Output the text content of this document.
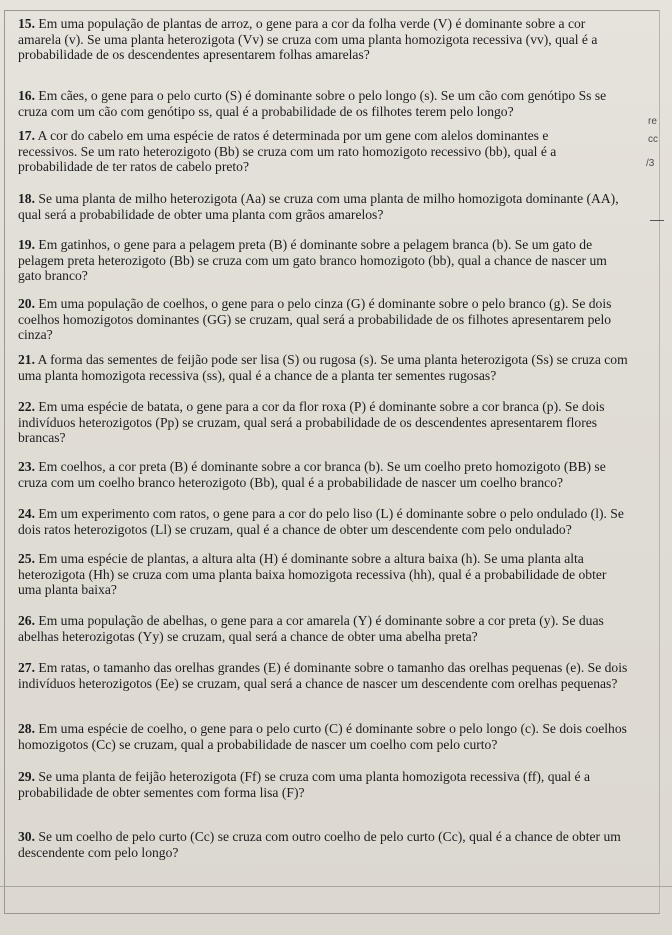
15. Em uma população de plantas de arroz, o gene para a cor da folha verde (V) é dominante sobre a cor amarela (v). Se uma planta heterozigota (Vv) se cruza com uma planta homozigota recessiva (vv), qual é a probabilidade de os descendentes apresentarem folhas amarelas?
16. Em cães, o gene para o pelo curto (S) é dominante sobre o pelo longo (s). Se um cão com genótipo Ss se cruza com um cão com genótipo ss, qual é a probabilidade de os filhotes terem pelo longo?
17. A cor do cabelo em uma espécie de ratos é determinada por um gene com alelos dominantes e recessivos. Se um rato heterozigoto (Bb) se cruza com um rato homozigoto recessivo (bb), qual é a probabilidade de ter ratos de cabelo preto?
18. Se uma planta de milho heterozigota (Aa) se cruza com uma planta de milho homozigota dominante (AA), qual será a probabilidade de obter uma planta com grãos amarelos?
19. Em gatinhos, o gene para a pelagem preta (B) é dominante sobre a pelagem branca (b). Se um gato de pelagem preta heterozigoto (Bb) se cruza com um gato branco homozigoto (bb), qual a chance de nascer um gato branco?
20. Em uma população de coelhos, o gene para o pelo cinza (G) é dominante sobre o pelo branco (g). Se dois coelhos homozigotos dominantes (GG) se cruzam, qual será a probabilidade de os filhotes apresentarem pelo cinza?
21. A forma das sementes de feijão pode ser lisa (S) ou rugosa (s). Se uma planta heterozigota (Ss) se cruza com uma planta homozigota recessiva (ss), qual é a chance de a planta ter sementes rugosas?
22. Em uma espécie de batata, o gene para a cor da flor roxa (P) é dominante sobre a cor branca (p). Se dois indivíduos heterozigotos (Pp) se cruzam, qual será a probabilidade de os descendentes apresentarem flores brancas?
23. Em coelhos, a cor preta (B) é dominante sobre a cor branca (b). Se um coelho preto homozigoto (BB) se cruza com um coelho branco heterozigoto (Bb), qual é a probabilidade de nascer um coelho branco?
24. Em um experimento com ratos, o gene para a cor do pelo liso (L) é dominante sobre o pelo ondulado (l). Se dois ratos heterozigotos (Ll) se cruzam, qual é a chance de obter um descendente com pelo ondulado?
25. Em uma espécie de plantas, a altura alta (H) é dominante sobre a altura baixa (h). Se uma planta alta heterozigota (Hh) se cruza com uma planta baixa homozigota recessiva (hh), qual é a probabilidade de obter uma planta baixa?
26. Em uma população de abelhas, o gene para a cor amarela (Y) é dominante sobre a cor preta (y). Se duas abelhas heterozigotas (Yy) se cruzam, qual será a chance de obter uma abelha preta?
27. Em ratas, o tamanho das orelhas grandes (E) é dominante sobre o tamanho das orelhas pequenas (e). Se dois indivíduos heterozigotos (Ee) se cruzam, qual será a chance de nascer um descendente com orelhas pequenas?
28. Em uma espécie de coelho, o gene para o pelo curto (C) é dominante sobre o pelo longo (c). Se dois coelhos homozigotos (Cc) se cruzam, qual a probabilidade de nascer um coelho com pelo curto?
29. Se uma planta de feijão heterozigota (Ff) se cruza com uma planta homozigota recessiva (ff), qual é a probabilidade de obter sementes com forma lisa (F)?
30. Se um coelho de pelo curto (Cc) se cruza com outro coelho de pelo curto (Cc), qual é a chance de obter um descendente com pelo longo?
re
cc
/3
